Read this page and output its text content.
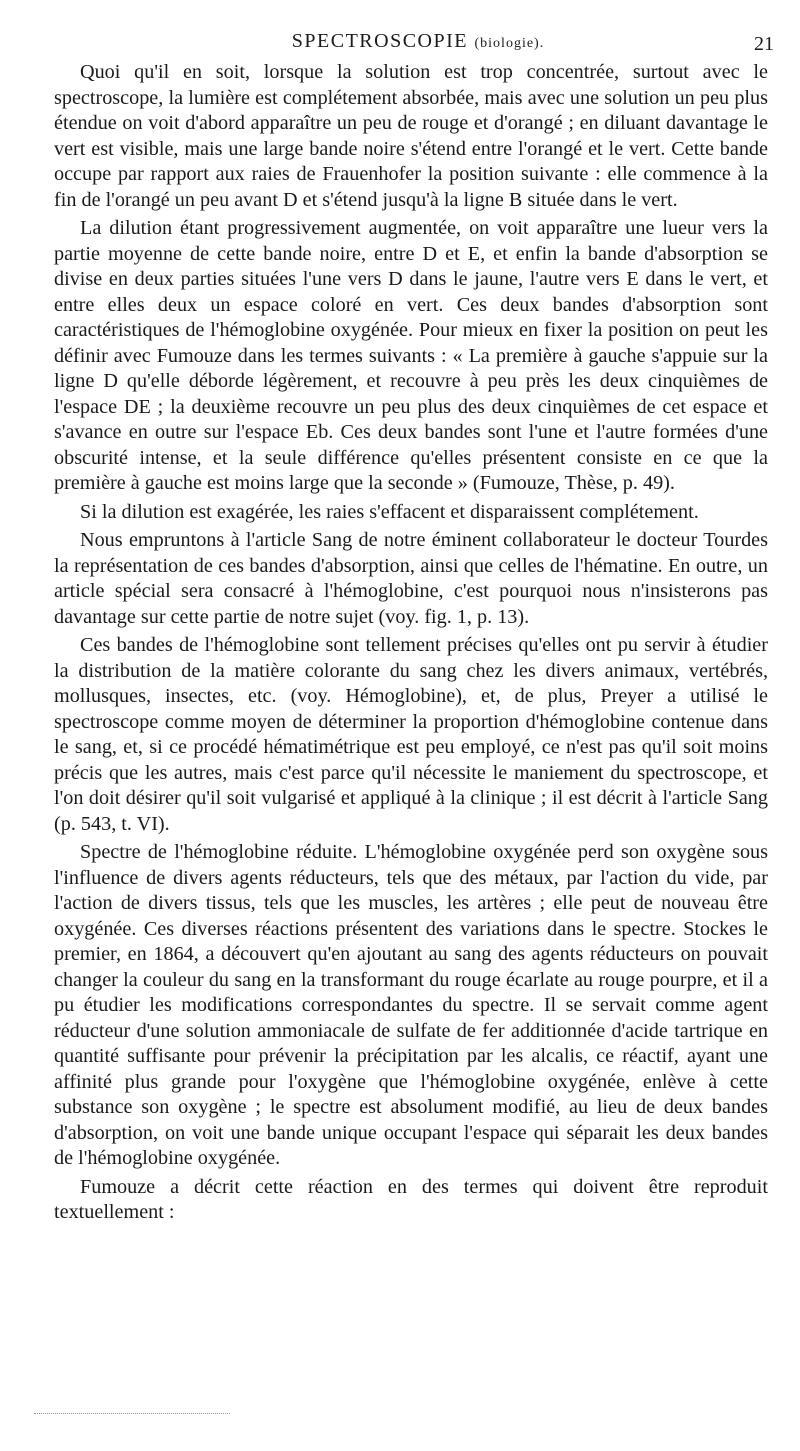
SPECTROSCOPIE (biologie).	21

Quoi qu'il en soit, lorsque la solution est trop concentrée, surtout avec le spectroscope, la lumière est complétement absorbée, mais avec une solution un peu plus étendue on voit d'abord apparaître un peu de rouge et d'orangé ; en diluant davantage le vert est visible, mais une large bande noire s'étend entre l'orangé et le vert. Cette bande occupe par rapport aux raies de Frauenhofer la position suivante : elle commence à la fin de l'orangé un peu avant D et s'étend jusqu'à la ligne B située dans le vert.

La dilution étant progressivement augmentée, on voit apparaître une lueur vers la partie moyenne de cette bande noire, entre D et E, et enfin la bande d'absorption se divise en deux parties situées l'une vers D dans le jaune, l'autre vers E dans le vert, et entre elles deux un espace coloré en vert. Ces deux bandes d'absorption sont caractéristiques de l'hémoglobine oxygénée. Pour mieux en fixer la position on peut les définir avec Fumouze dans les termes suivants : « La première à gauche s'appuie sur la ligne D qu'elle déborde légèrement, et recouvre à peu près les deux cinquièmes de l'espace DE ; la deuxième recouvre un peu plus des deux cinquièmes de cet espace et s'avance en outre sur l'espace Eb. Ces deux bandes sont l'une et l'autre formées d'une obscurité intense, et la seule différence qu'elles présentent consiste en ce que la première à gauche est moins large que la seconde » (Fumouze, Thèse, p. 49).

Si la dilution est exagérée, les raies s'effacent et disparaissent complétement.

Nous empruntons à l'article Sang de notre éminent collaborateur le docteur Tourdes la représentation de ces bandes d'absorption, ainsi que celles de l'hématine. En outre, un article spécial sera consacré à l'hémoglobine, c'est pourquoi nous n'insisterons pas davantage sur cette partie de notre sujet (voy. fig. 1, p. 13).

Ces bandes de l'hémoglobine sont tellement précises qu'elles ont pu servir à étudier la distribution de la matière colorante du sang chez les divers animaux, vertébrés, mollusques, insectes, etc. (voy. Hémoglobine), et, de plus, Preyer a utilisé le spectroscope comme moyen de déterminer la proportion d'hémoglobine contenue dans le sang, et, si ce procédé hématimétrique est peu employé, ce n'est pas qu'il soit moins précis que les autres, mais c'est parce qu'il nécessite le maniement du spectroscope, et l'on doit désirer qu'il soit vulgarisé et appliqué à la clinique ; il est décrit à l'article Sang (p. 543, t. VI).

Spectre de l'hémoglobine réduite. L'hémoglobine oxygénée perd son oxygène sous l'influence de divers agents réducteurs, tels que des métaux, par l'action du vide, par l'action de divers tissus, tels que les muscles, les artères ; elle peut de nouveau être oxygénée. Ces diverses réactions présentent des variations dans le spectre. Stockes le premier, en 1864, a découvert qu'en ajoutant au sang des agents réducteurs on pouvait changer la couleur du sang en la transformant du rouge écarlate au rouge pourpre, et il a pu étudier les modifications correspondantes du spectre. Il se servait comme agent réducteur d'une solution ammoniacale de sulfate de fer additionnée d'acide tartrique en quantité suffisante pour prévenir la précipitation par les alcalis, ce réactif, ayant une affinité plus grande pour l'oxygène que l'hémoglobine oxygénée, enlève à cette substance son oxygène ; le spectre est absolument modifié, au lieu de deux bandes d'absorption, on voit une bande unique occupant l'espace qui séparait les deux bandes de l'hémoglobine oxygénée.

Fumouze a décrit cette réaction en des termes qui doivent être reproduit textuellement :
